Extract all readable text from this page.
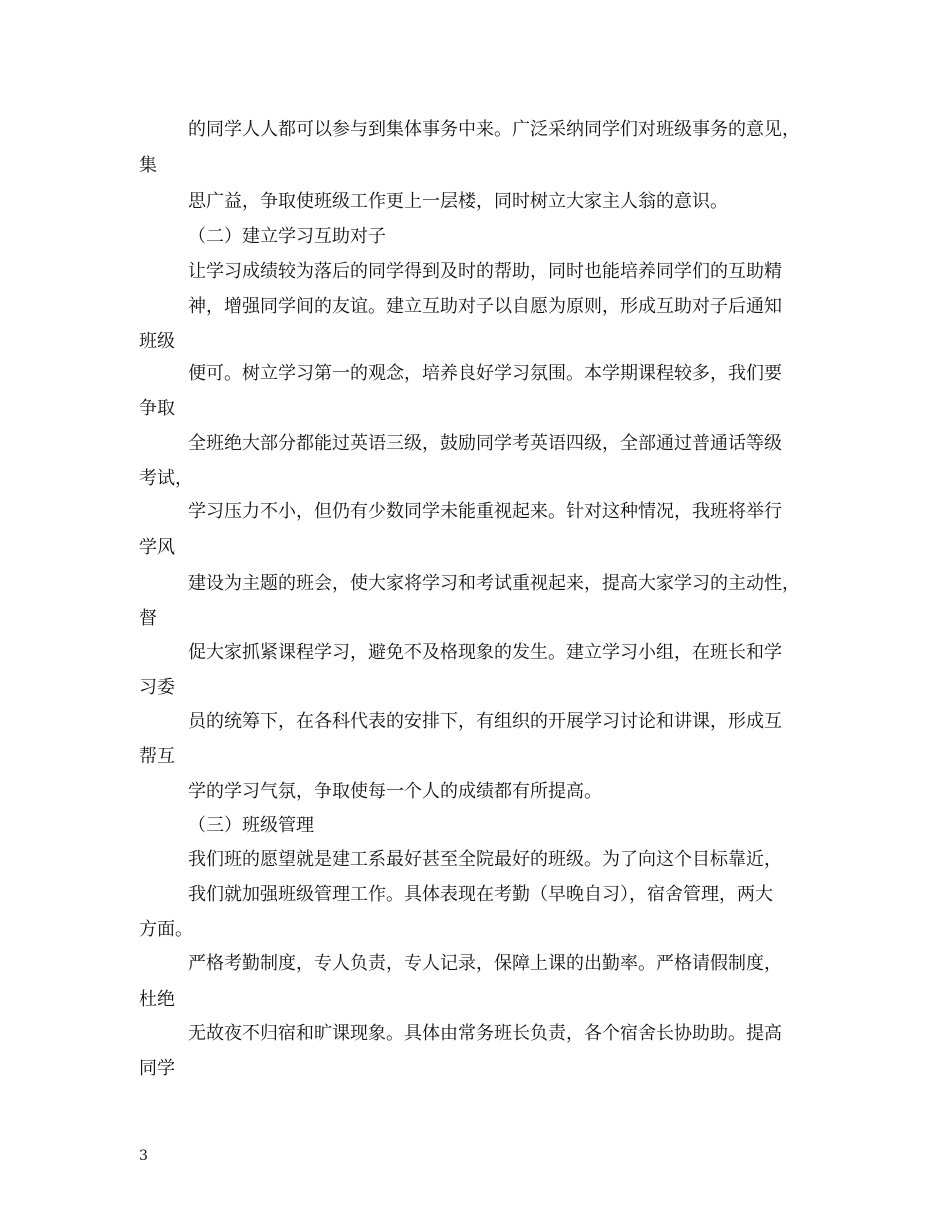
的同学人人都可以参与到集体事务中来。广泛采纳同学们对班级事务的意见，
集
思广益，争取使班级工作更上一层楼，同时树立大家主人翁的意识。
（二）建立学习互助对子
让学习成绩较为落后的同学得到及时的帮助，同时也能培养同学们的互助精
神，增强同学间的友谊。建立互助对子以自愿为原则，形成互助对子后通知
班级
便可。树立学习第一的观念，培养良好学习氛围。本学期课程较多，我们要
争取
全班绝大部分都能过英语三级，鼓励同学考英语四级，全部通过普通话等级
考试，
学习压力不小，但仍有少数同学未能重视起来。针对这种情况，我班将举行
学风
建设为主题的班会，使大家将学习和考试重视起来，提高大家学习的主动性，
督
促大家抓紧课程学习，避免不及格现象的发生。建立学习小组，在班长和学
习委
员的统筹下，在各科代表的安排下，有组织的开展学习讨论和讲课，形成互
帮互
学的学习气氛，争取使每一个人的成绩都有所提高。
（三）班级管理
我们班的愿望就是建工系最好甚至全院最好的班级。为了向这个目标靠近，
我们就加强班级管理工作。具体表现在考勤（早晚自习），宿舍管理，两大
方面。
严格考勤制度，专人负责，专人记录，保障上课的出勤率。严格请假制度，
杜绝
无故夜不归宿和旷课现象。具体由常务班长负责，各个宿舍长协助助。提高
同学
3
